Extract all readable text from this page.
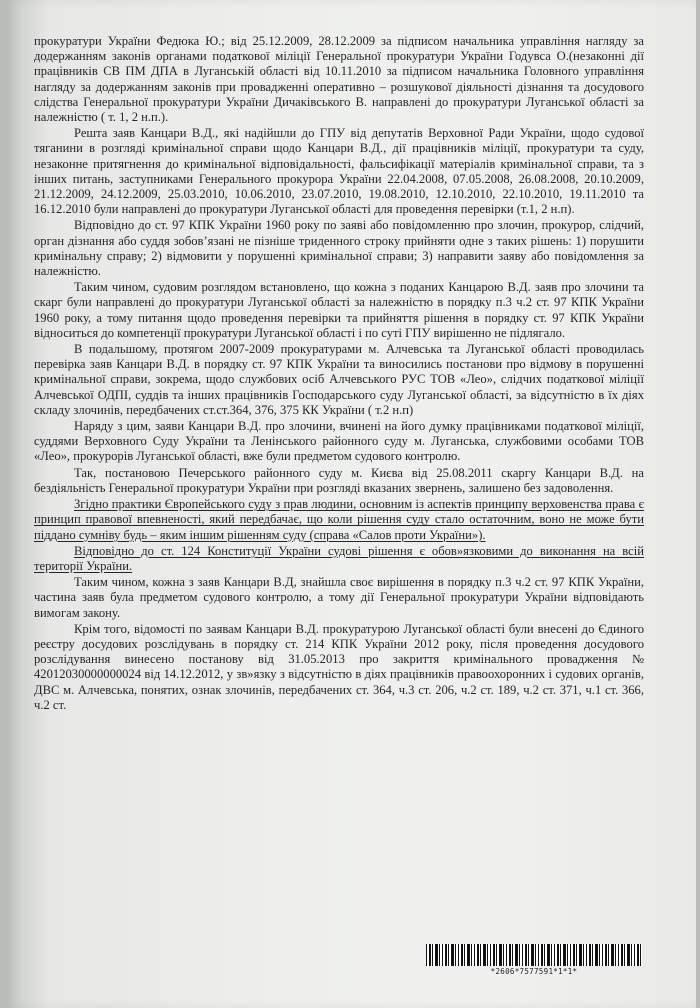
прокуратури України Федюка Ю.; від 25.12.2009, 28.12.2009 за підписом начальника управління нагляду за додержанням законів органами податкової міліції Генеральної прокуратури України Годувса О.(незаконні дії працівників СВ ПМ ДПА в Луганській області від 10.11.2010 за підписом начальника Головного управління нагляду за додержанням законів при провадженні оперативно – розшукової діяльності дізнання та досудового слідства Генеральної прокуратури України Дичаківського В. направлені до прокуратури Луганської області за належністю ( т. 1, 2 н.п.).

Решта заяв Канцари В.Д., які надійшли до ГПУ від депутатів Верховної Ради України, щодо судової тяганини в розгляді кримінальної справи щодо Канцари В.Д., дії працівників міліції, прокуратури та суду, незаконне притягнення до кримінальної відповідальності, фальсифікації матеріалів кримінальної справи, та з інших питань, заступниками Генерального прокурора України 22.04.2008, 07.05.2008, 26.08.2008, 20.10.2009, 21.12.2009, 24.12.2009, 25.03.2010, 10.06.2010, 23.07.2010, 19.08.2010, 12.10.2010, 22.10.2010, 19.11.2010 та 16.12.2010 були направлені до прокуратури Луганської області для проведення перевірки (т.1, 2 н.п).

Відповідно до ст. 97 КПК України 1960 року по заяві або повідомленню про злочин, прокурор, слідчий, орган дізнання або суддя зобов’язані не пізніше триденного строку прийняти одне з таких рішень: 1) порушити кримінальну справу; 2) відмовити у порушенні кримінальної справи; 3) направити заяву або повідомлення за належністю.

Таким чином, судовим розглядом встановлено, що кожна з поданих Канцарою В.Д. заяв про злочини та скарг були направлені до прокуратури Луганської області за належністю в порядку п.3 ч.2 ст. 97 КПК України 1960 року, а тому питання щодо проведення перевірки та прийняття рішення в порядку ст. 97 КПК України відноситься до компетенції прокуратури Луганської області і по суті ГПУ вирішенно не підлягало.

В подальшому, протягом 2007-2009 прокуратурами м. Алчевська та Луганської області проводилась перевірка заяв Канцари В.Д. в порядку ст. 97 КПК України та виносились постанови про відмову в порушенні кримінальної справи, зокрема, щодо службових осіб Алчевського РУС ТОВ «Лео», слідчих податкової міліції Алчевської ОДПІ, суддів та інших працівників Господарського суду Луганської області, за відсутністю в їх діях складу злочинів, передбачених ст.ст.364, 376, 375 КК України ( т.2 н.п)

Наряду з цим, заяви Канцари В.Д. про злочини, вчинені на його думку працівниками податкової міліції, суддями Верховного Суду України та Ленінського районного суду м. Луганська, службовими особами ТОВ «Лео», прокурорів Луганської області, вже були предметом судового контролю.

Так, постановою Печерського районного суду м. Києва від 25.08.2011 скаргу Канцари В.Д. на бездіяльність Генеральної прокуратури України при розгляді вказаних звернень, залишено без задоволення.

Згідно практики Європейського суду з прав людини, основним із аспектів принципу верховенства права є принцип правової впевненості, який передбачає, що коли рішення суду стало остаточним, воно не може бути піддано сумніву будь – яким іншим рішенням суду (справа «Салов проти України»).

Відповідно до ст. 124 Конституції України судові рішення є обов»язковими до виконання на всій території України.

Таким чином, кожна з заяв Канцари В.Д, знайшла своє вирішення в порядку п.3 ч.2 ст. 97 КПК України, частина заяв була предметом судового контролю, а тому дії Генеральної прокуратури України відповідають вимогам закону.

Крім того, відомості по заявам Канцари В.Д. прокуратурою Луганської області були внесені до Єдиного реєстру досудових розслідувань в порядку ст. 214 КПК України 2012 року, після проведення досудового розслідування винесено постанову від 31.05.2013 про закриття кримінального провадження № 42012030000000024 від 14.12.2012, у зв»язку з відсутністю в діях працівників правоохоронних і судових органів, ДВС м. Алчевська, понятих, ознак злочинів, передбачених ст. 364, ч.3 ст. 206, ч.2 ст. 189, ч.2 ст. 371, ч.1 ст. 366, ч.2 ст.

*2606*7577591*1*1*
